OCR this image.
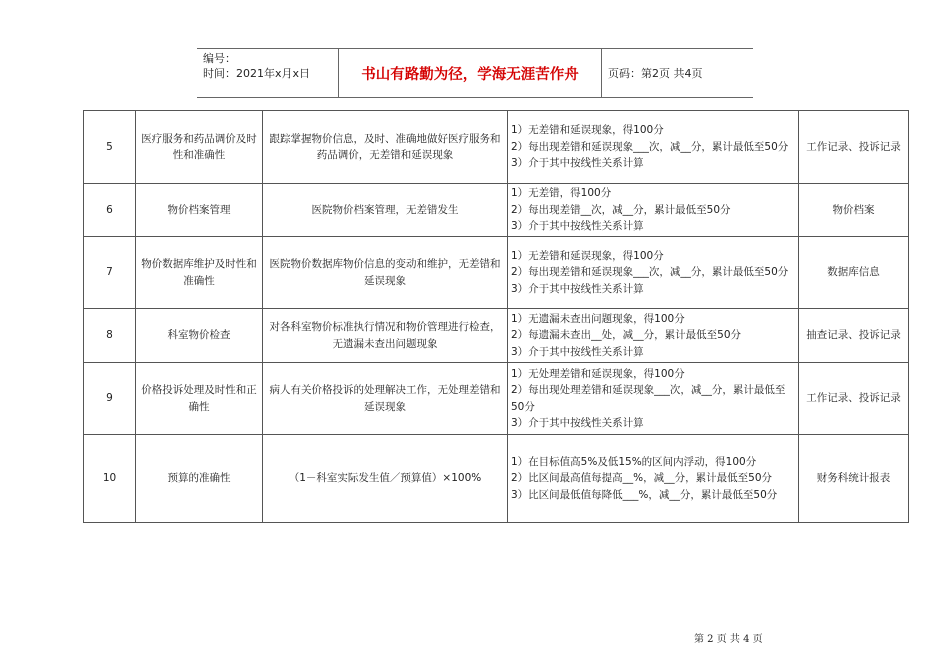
编号：
时间：2021年x月x日	书山有路勤为径，学海无涯苦作舟	页码：第2页 共4页
5	医疗服务和药品调价及时性和准确性	跟踪掌握物价信息，及时、准确地做好医疗服务和药品调价，无差错和延误现象	1）无差错和延误现象，得100分
2）每出现差错和延误现象___次，减__分，累计最低至50分
3）介于其中按线性关系计算	工作记录、投诉记录
6	物价档案管理	医院物价档案管理，无差错发生	1）无差错，得100分
2）每出现差错__次，减__分，累计最低至50分
3）介于其中按线性关系计算	物价档案
7	物价数据库维护及时性和准确性	医院物价数据库物价信息的变动和维护，无差错和延误现象	1）无差错和延误现象，得100分
2）每出现差错和延误现象___次，减__分，累计最低至50分
3）介于其中按线性关系计算	数据库信息
8	科室物价检查	对各科室物价标准执行情况和物价管理进行检查，无遗漏未查出问题现象	1）无遗漏未查出问题现象，得100分
2）每遗漏未查出__处，减__分，累计最低至50分
3）介于其中按线性关系计算	抽查记录、投诉记录
9	价格投诉处理及时性和正确性	病人有关价格投诉的处理解决工作，无处理差错和延误现象	1）无处理差错和延误现象，得100分
2）每出现处理差错和延误现象___次，减__分，累计最低至50分
3）介于其中按线性关系计算	工作记录、投诉记录
10	预算的准确性	（1－科室实际发生值／预算值）×100%	1）在目标值高5%及低15%的区间内浮动，得100分
2）比区间最高值每提高__%，减__分，累计最低至50分
3）比区间最低值每降低___%，减__分，累计最低至50分	财务科统计报表
第 2 页 共 4 页
